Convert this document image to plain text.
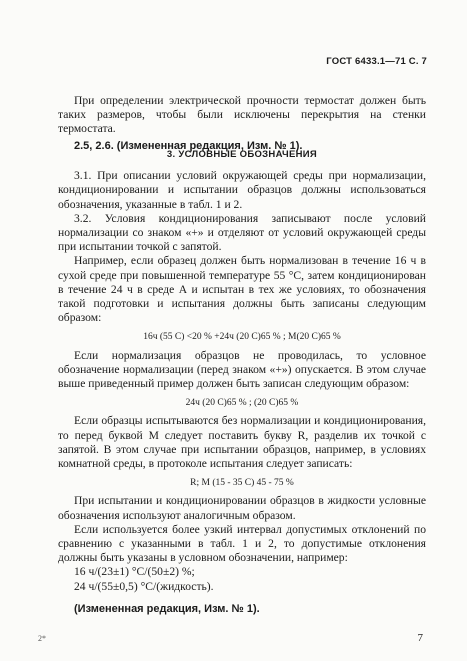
ГОСТ 6433.1—71 С. 7

При определении электрической прочности термостат должен быть таких размеров, чтобы были исключены перекрытия на стенки термостата.

2.5, 2.6. (Измененная редакция, Изм. № 1).

3. УСЛОВНЫЕ ОБОЗНАЧЕНИЯ

3.1. При описании условий окружающей среды при нормализации, кондиционировании и испытании образцов должны использоваться обозначения, указанные в табл. 1 и 2.

3.2. Условия кондиционирования записывают после условий нормализации со знаком «+» и отделяют от условий окружающей среды при испытании точкой с запятой.

Например, если образец должен быть нормализован в течение 16 ч в сухой среде при повышенной температуре 55 °С, затем кондиционирован в течение 24 ч в среде А и испытан в тех же условиях, то обозначения такой подготовки и испытания должны быть записаны следующим образом:

16ч (55 С) <20 % +24ч (20 С)65 % ; М(20 С)65 %

Если нормализация образцов не проводилась, то условное обозначение нормализации (перед знаком «+») опускается. В этом случае выше приведенный пример должен быть записан следующим образом:

24ч (20 С)65 % ; (20 С)65 %

Если образцы испытываются без нормализации и кондиционирования, то перед буквой М следует поставить букву R, разделив их точкой с запятой. В этом случае при испытании образцов, например, в условиях комнатной среды, в протоколе испытания следует записать:

R; M (15 - 35 С) 45 - 75 %

При испытании и кондиционировании образцов в жидкости условные обозначения используют аналогичным образом.

Если используется более узкий интервал допустимых отклонений по сравнению с указанными в табл. 1 и 2, то допустимые отклонения должны быть указаны в условном обозначении, например:

16 ч/(23±1) °С/(50±2) %;

24 ч/(55±0,5) °С/(жидкость).

(Измененная редакция, Изм. № 1).

2*	7
